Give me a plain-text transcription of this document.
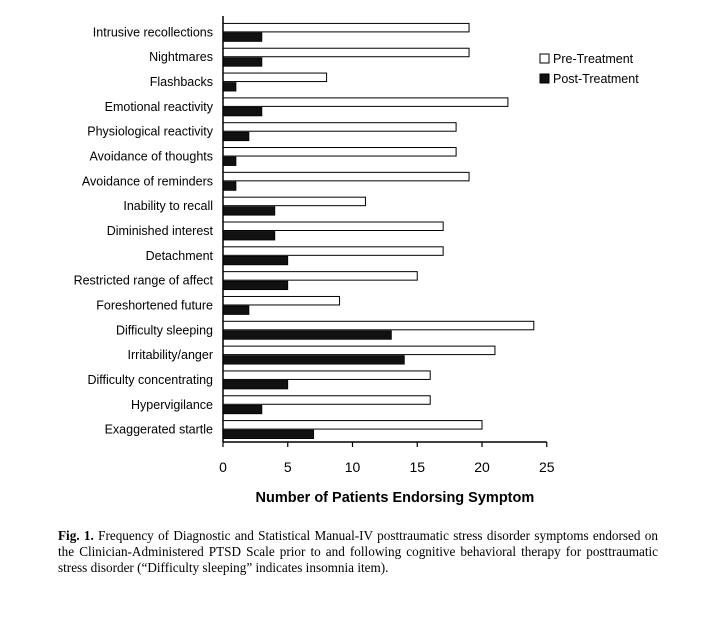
Intrusive recollections
Nightmares
Flashbacks
Emotional reactivity
Physiological reactivity
Avoidance of thoughts
Avoidance of reminders
Inability to recall
Diminished interest
Detachment
Restricted range of affect
Foreshortened future
Difficulty sleeping
Irritability/anger
Difficulty concentrating
Hypervigilance
Exaggerated startle
0	5	10	15	20	25
Number of Patients Endorsing Symptom
Pre-Treatment
Post-Treatment
Fig. 1. Frequency of Diagnostic and Statistical Manual-IV posttraumatic stress disorder symptoms endorsed on the Clinician-Administered PTSD Scale prior to and following cognitive behavioral therapy for posttraumatic stress disorder (“Difficulty sleeping” indicates insomnia item).
